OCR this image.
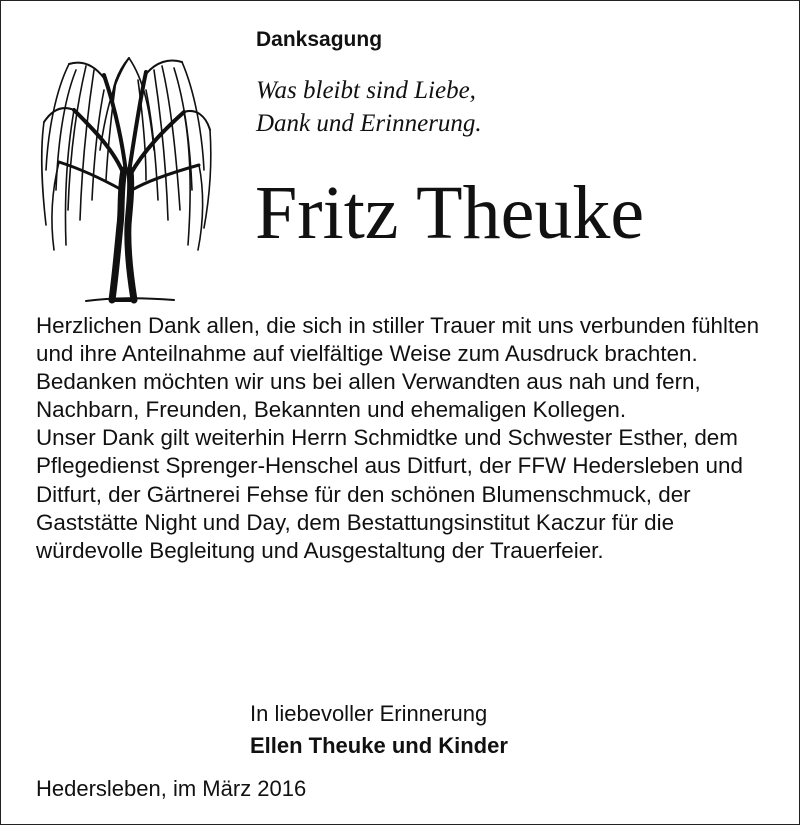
Danksagung
Was bleibt sind Liebe,
Dank und Erinnerung.
Fritz Theuke

Herzlichen Dank allen, die sich in stiller Trauer mit uns verbunden fühlten und ihre Anteilnahme auf vielfältige Weise zum Ausdruck brachten.

Bedanken möchten wir uns bei allen Verwandten aus nah und fern, Nachbarn, Freunden, Bekannten und ehemaligen Kollegen.

Unser Dank gilt weiterhin Herrn Schmidtke und Schwester Esther, dem Pflegedienst Sprenger-Henschel aus Ditfurt, der FFW Hedersleben und Ditfurt, der Gärtnerei Fehse für den schönen Blumenschmuck, der Gaststätte Night und Day, dem Bestattungsinstitut Kaczur für die würdevolle Begleitung und Ausgestaltung der Trauerfeier.

In liebevoller Erinnerung
Ellen Theuke und Kinder
Hedersleben, im März 2016
